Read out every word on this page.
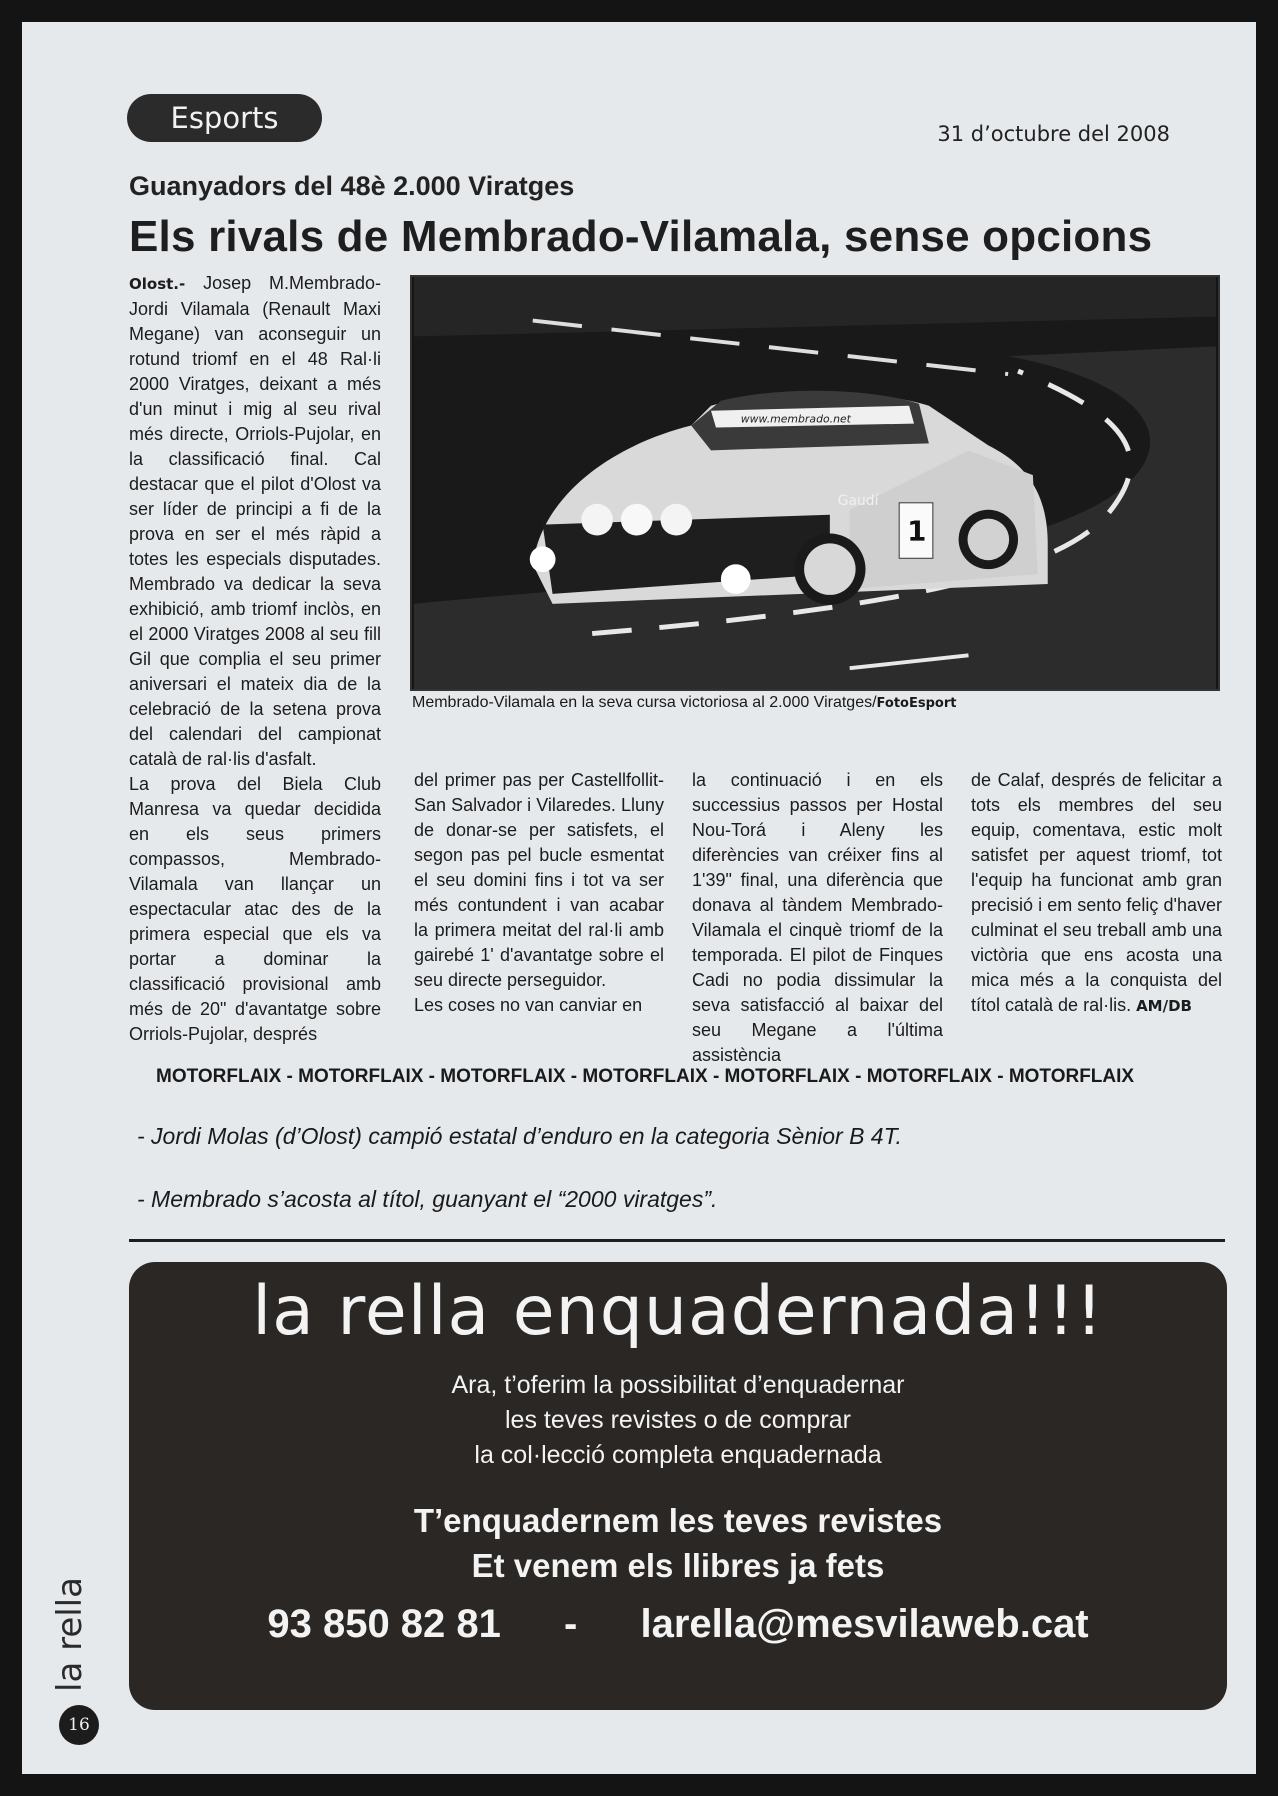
Esports	31 d’octubre del 2008
Guanyadors del 48è 2.000 Viratges
Els rivals de Membrado-Vilamala, sense opcions

Olost.- Josep M.Membrado-Jordi Vilamala (Renault Maxi Megane) van aconseguir un rotund triomf en el 48 Ral·li 2000 Viratges, deixant a més d'un minut i mig al seu rival més directe, Orriols-Pujolar, en la classificació final. Cal destacar que el pilot d'Olost va ser líder de principi a fi de la prova en ser el més ràpid a totes les especials disputades. Membrado va dedicar la seva exhibició, amb triomf inclòs, en el 2000 Viratges 2008 al seu fill Gil que complia el seu primer aniversari el mateix dia de la celebració de la setena prova del calendari del campionat català de ral·lis d'asfalt.

La prova del Biela Club Manresa va quedar decidida en els seus primers compassos, Membrado-Vilamala van llançar un espectacular atac des de la primera especial que els va portar a dominar la classificació provisional amb més de 20" d'avantatge sobre Orriols-Pujolar, després

www.membrado.net
1
Gaudí
Membrado-Vilamala en la seva cursa victoriosa al 2.000 Viratges/FotoEsport

del primer pas per Castellfollit-San Salvador i Vilaredes. Lluny de donar-se per satisfets, el segon pas pel bucle esmentat el seu domini fins i tot va ser més contundent i van acabar la primera meitat del ral·li amb gairebé 1' d'avantatge sobre el seu directe perseguidor.

Les coses no van canviar en

la continuació i en els successius passos per Hostal Nou-Torá i Aleny les diferències van créixer fins al 1'39" final, una diferència que donava al tàndem Membrado-Vilamala el cinquè triomf de la temporada. El pilot de Finques Cadi no podia dissimular la seva satisfacció al baixar del seu Megane a l'última assistència

de Calaf, després de felicitar a tots els membres del seu equip, comentava, estic molt satisfet per aquest triomf, tot l'equip ha funcionat amb gran precisió i em sento feliç d'haver culminat el seu treball amb una victòria que ens acosta una mica més a la conquista del títol català de ral·lis. AM/DB

MOTORFLAIX - MOTORFLAIX - MOTORFLAIX - MOTORFLAIX - MOTORFLAIX - MOTORFLAIX - MOTORFLAIX
- Jordi Molas (d’Olost) campió estatal d’enduro en la categoria Sènior B 4T.
- Membrado s’acosta al títol, guanyant el “2000 viratges”.
la rella enquadernada!!!
Ara, t’oferim la possibilitat d’enquadernar
les teves revistes o de comprar
la col·lecció completa enquadernada
T’enquadernem les teves revistes
Et venem els llibres ja fets
93 850 82 81 - larella@mesvilaweb.cat
la rella
16
